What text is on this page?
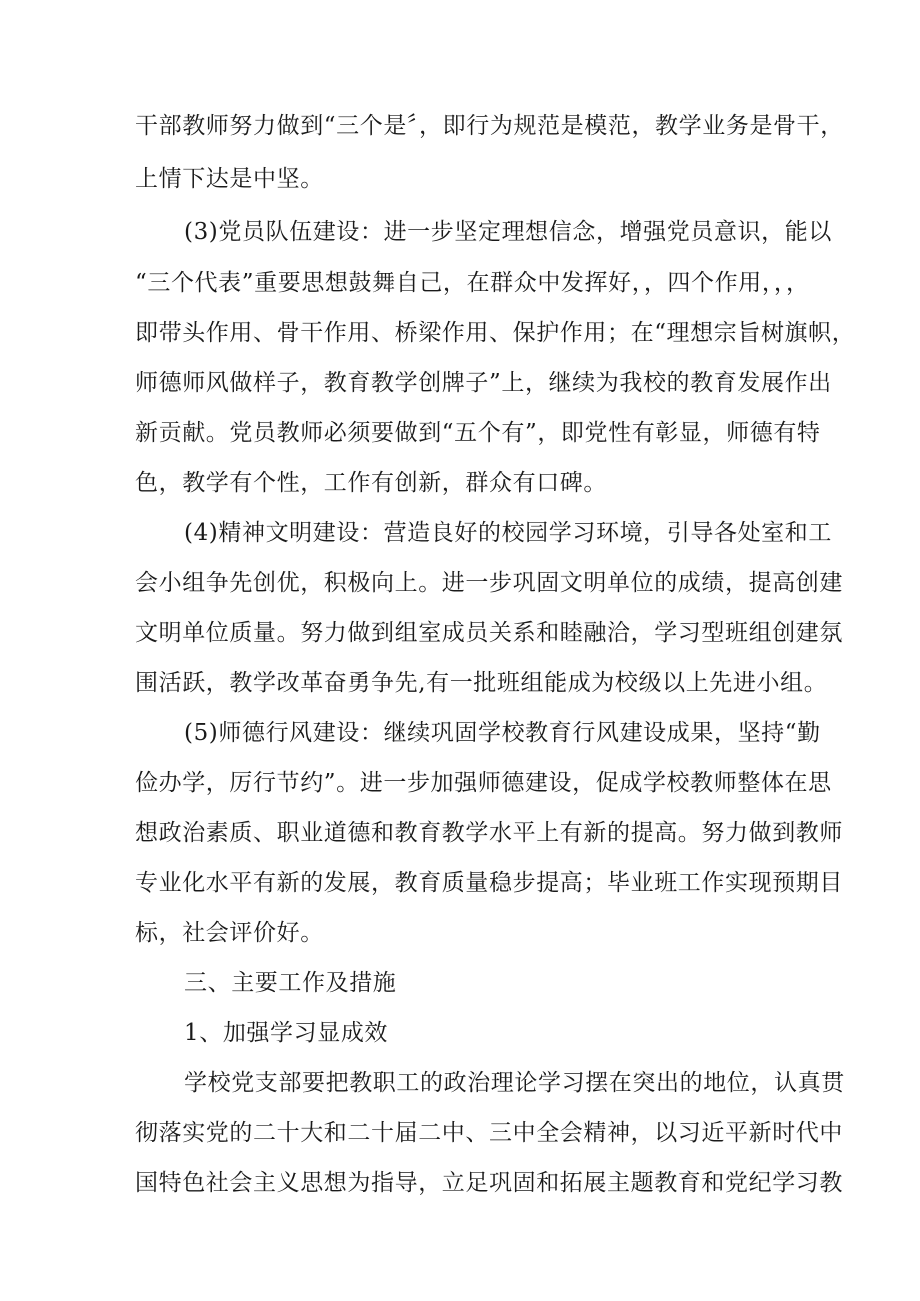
干部教师努力做到“三个是〞，即行为规范是模范，教学业务是骨干，
上情下达是中坚。
(3)党员队伍建设：进一步坚定理想信念，增强党员意识，能以
“三个代表”重要思想鼓舞自己，在群众中发挥好，，四个作用，，，
即带头作用、骨干作用、桥梁作用、保护作用；在“理想宗旨树旗帜，
师德师风做样子，教育教学创牌子”上，继续为我校的教育发展作出
新贡献。党员教师必须要做到“五个有”，即党性有彰显，师德有特
色，教学有个性，工作有创新，群众有口碑。
(4)精神文明建设：营造良好的校园学习环境，引导各处室和工
会小组争先创优，积极向上。进一步巩固文明单位的成绩，提高创建
文明单位质量。努力做到组室成员关系和睦融洽，学习型班组创建氛
围活跃，教学改革奋勇争先,有一批班组能成为校级以上先进小组。
(5)师德行风建设：继续巩固学校教育行风建设成果，坚持“勤
俭办学，厉行节约”。进一步加强师德建设，促成学校教师整体在思
想政治素质、职业道德和教育教学水平上有新的提高。努力做到教师
专业化水平有新的发展，教育质量稳步提高；毕业班工作实现预期目
标，社会评价好。
三、主要工作及措施
1、加强学习显成效
学校党支部要把教职工的政治理论学习摆在突出的地位，认真贯
彻落实党的二十大和二十届二中、三中全会精神，以习近平新时代中
国特色社会主义思想为指导，立足巩固和拓展主题教育和党纪学习教
